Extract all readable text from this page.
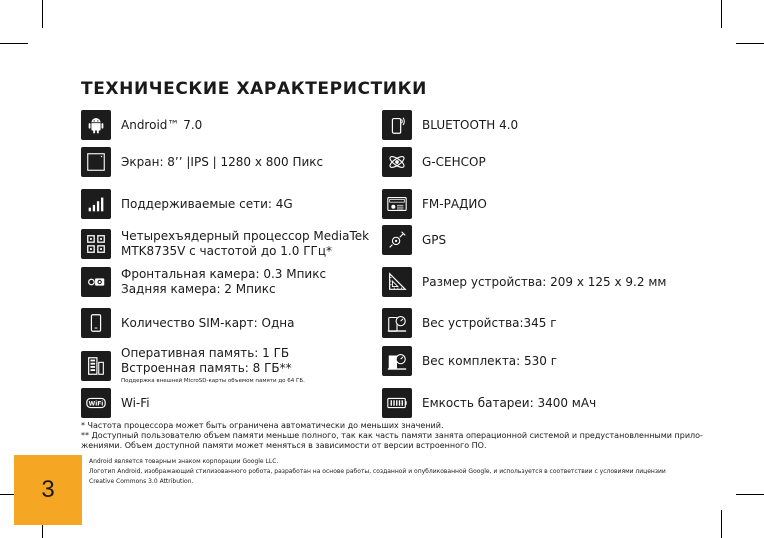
ТЕХНИЧЕСКИЕ ХАРАКТЕРИСТИКИ
Android™ 7.0
Экран: 8’’ |IPS | 1280 x 800 Пикс
Поддерживаемые сети: 4G
Четырехъядерный процессор MediaTek
MTK8735V с частотой до 1.0 ГГц*
Фронтальная камера: 0.3 Мпикс
Задняя камера: 2 Мпикс
Количество SIM-карт: Одна
Оперативная память: 1 ГБ
Встроенная память: 8 ГБ**
Поддержка внешней MicroSD-карты объемом памяти до 64 ГБ.
WiFi Wi-Fi
BLUETOOTH 4.0
G-СЕНСОР
FM-РАДИО
GPS
Размер устройства: 209 x 125 x 9.2 мм
Вес устройства:345 г
Вес комплекта: 530 г
Емкость батареи: 3400 мАч
* Частота процессора может быть ограничена автоматически до меньших значений.
** Доступный пользователю объем памяти меньше полного, так как часть памяти занята операционной системой и предустановленными прило-
жениями. Объем доступной памяти может меняться в зависимости от версии встроенного ПО.
Android является товарным знаком корпорации Google LLC.
Логотип Android, изображающий стилизованного робота, разработан на основе работы, созданной и опубликованной Google, и используется в соответствии с условиями лицензии
Creative Commons 3.0 Attribution.
3
